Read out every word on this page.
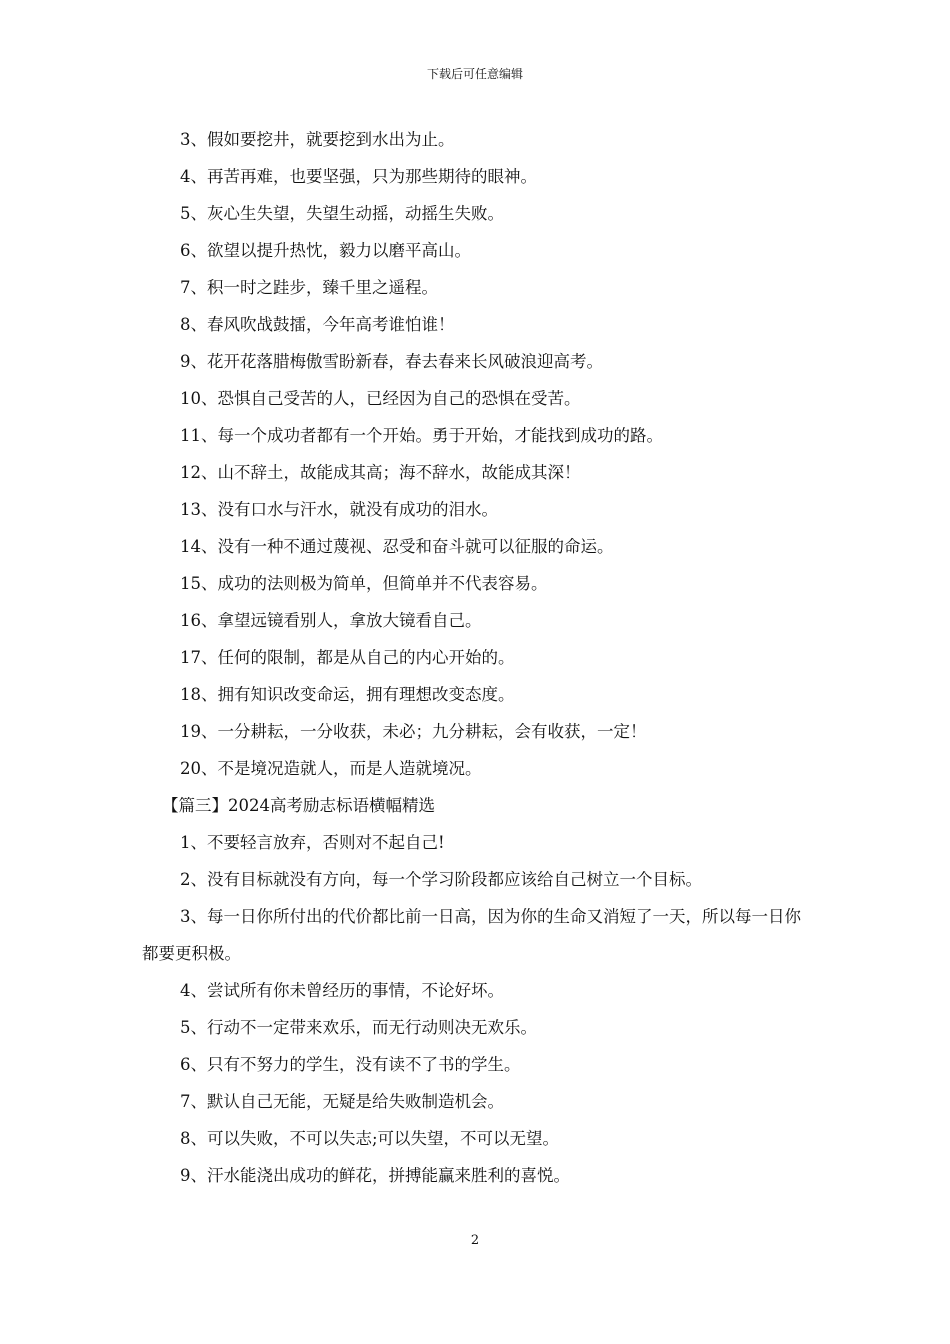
下载后可任意编辑

3、假如要挖井，就要挖到水出为止。

4、再苦再难，也要坚强，只为那些期待的眼神。

5、灰心生失望，失望生动摇，动摇生失败。

6、欲望以提升热忱，毅力以磨平高山。

7、积一时之跬步，臻千里之遥程。

8、春风吹战鼓擂，今年高考谁怕谁！

9、花开花落腊梅傲雪盼新春，春去春来长风破浪迎高考。

10、恐惧自己受苦的人，已经因为自己的恐惧在受苦。

11、每一个成功者都有一个开始。勇于开始，才能找到成功的路。

12、山不辞土，故能成其高；海不辞水，故能成其深！

13、没有口水与汗水，就没有成功的泪水。

14、没有一种不通过蔑视、忍受和奋斗就可以征服的命运。

15、成功的法则极为简单，但简单并不代表容易。

16、拿望远镜看别人，拿放大镜看自己。

17、任何的限制，都是从自己的内心开始的。

18、拥有知识改变命运，拥有理想改变态度。

19、一分耕耘，一分收获，未必；九分耕耘，会有收获，一定！

20、不是境况造就人，而是人造就境况。

【篇三】2024高考励志标语横幅精选

1、不要轻言放弃，否则对不起自己!

2、没有目标就没有方向，每一个学习阶段都应该给自己树立一个目标。

3、每一日你所付出的代价都比前一日高，因为你的生命又消短了一天，所以每一日你都要更积极。

4、尝试所有你未曾经历的事情，不论好坏。

5、行动不一定带来欢乐，而无行动则决无欢乐。

6、只有不努力的学生，没有读不了书的学生。

7、默认自己无能，无疑是给失败制造机会。

8、可以失败，不可以失志;可以失望，不可以无望。

9、汗水能浇出成功的鲜花，拼搏能赢来胜利的喜悦。

2
